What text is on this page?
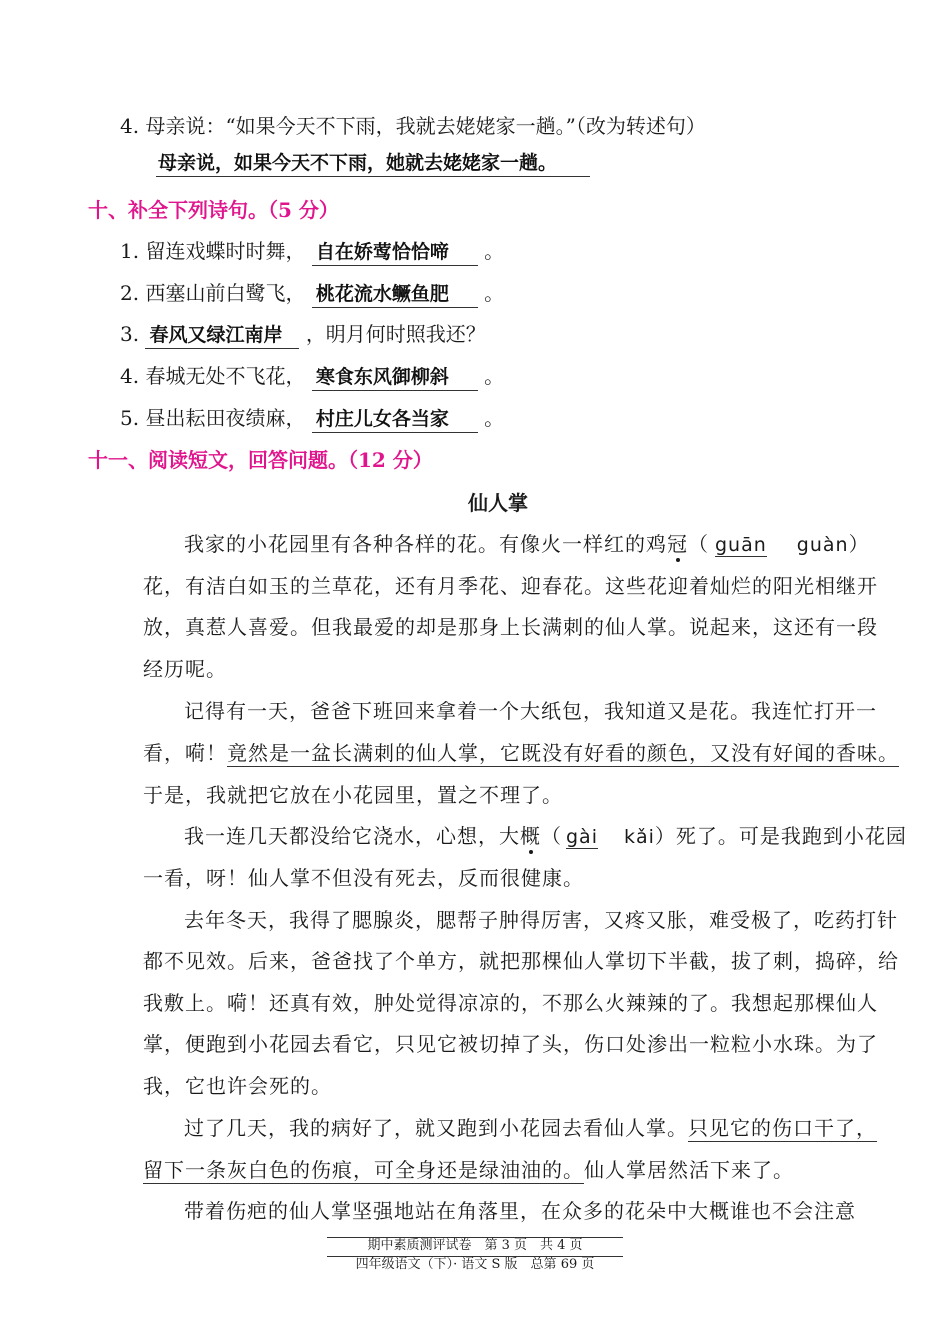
4. 母亲说：“如果今天不下雨，我就去姥姥家一趟。”（改为转述句）
母亲说，如果今天不下雨，她就去姥姥家一趟。
十、补全下列诗句。（5 分）
1. 留连戏蝶时时舞， 自在娇莺恰恰啼 。
2. 西塞山前白鹭飞， 桃花流水鳜鱼肥 。
3. 春风又绿江南岸 ，明月何时照我还？
4. 春城无处不飞花， 寒食东风御柳斜 。
5. 昼出耘田夜绩麻， 村庄儿女各当家 。
十一、阅读短文，回答问题。（12 分）
仙人掌
我家的小花园里有各种各样的花。有像火一样红的鸡冠（ guān guàn）
花，有洁白如玉的兰草花，还有月季花、迎春花。这些花迎着灿烂的阳光相继开
放，真惹人喜爱。但我最爱的却是那身上长满刺的仙人掌。说起来，这还有一段
经历呢。
记得有一天，爸爸下班回来拿着一个大纸包，我知道又是花。我连忙打开一
看，嗬！竟然是一盆长满刺的仙人掌，它既没有好看的颜色，又没有好闻的香味。
于是，我就把它放在小花园里，置之不理了。
我一连几天都没给它浇水，心想，大概（ gài kǎi）死了。可是我跑到小花园
一看，呀！仙人掌不但没有死去，反而很健康。
去年冬天，我得了腮腺炎，腮帮子肿得厉害，又疼又胀，难受极了，吃药打针
都不见效。后来，爸爸找了个单方，就把那棵仙人掌切下半截，拔了刺，捣碎，给
我敷上。嗬！还真有效，肿处觉得凉凉的，不那么火辣辣的了。我想起那棵仙人
掌，便跑到小花园去看它，只见它被切掉了头，伤口处渗出一粒粒小水珠。为了
我，它也许会死的。
过了几天，我的病好了，就又跑到小花园去看仙人掌。只见它的伤口干了，
留下一条灰白色的伤痕，可全身还是绿油油的。仙人掌居然活下来了。
带着伤疤的仙人掌坚强地站在角落里，在众多的花朵中大概谁也不会注意
期中素质测评试卷　第 3 页　共 4 页
四年级语文（下）· 语文 S 版　总第 69 页
